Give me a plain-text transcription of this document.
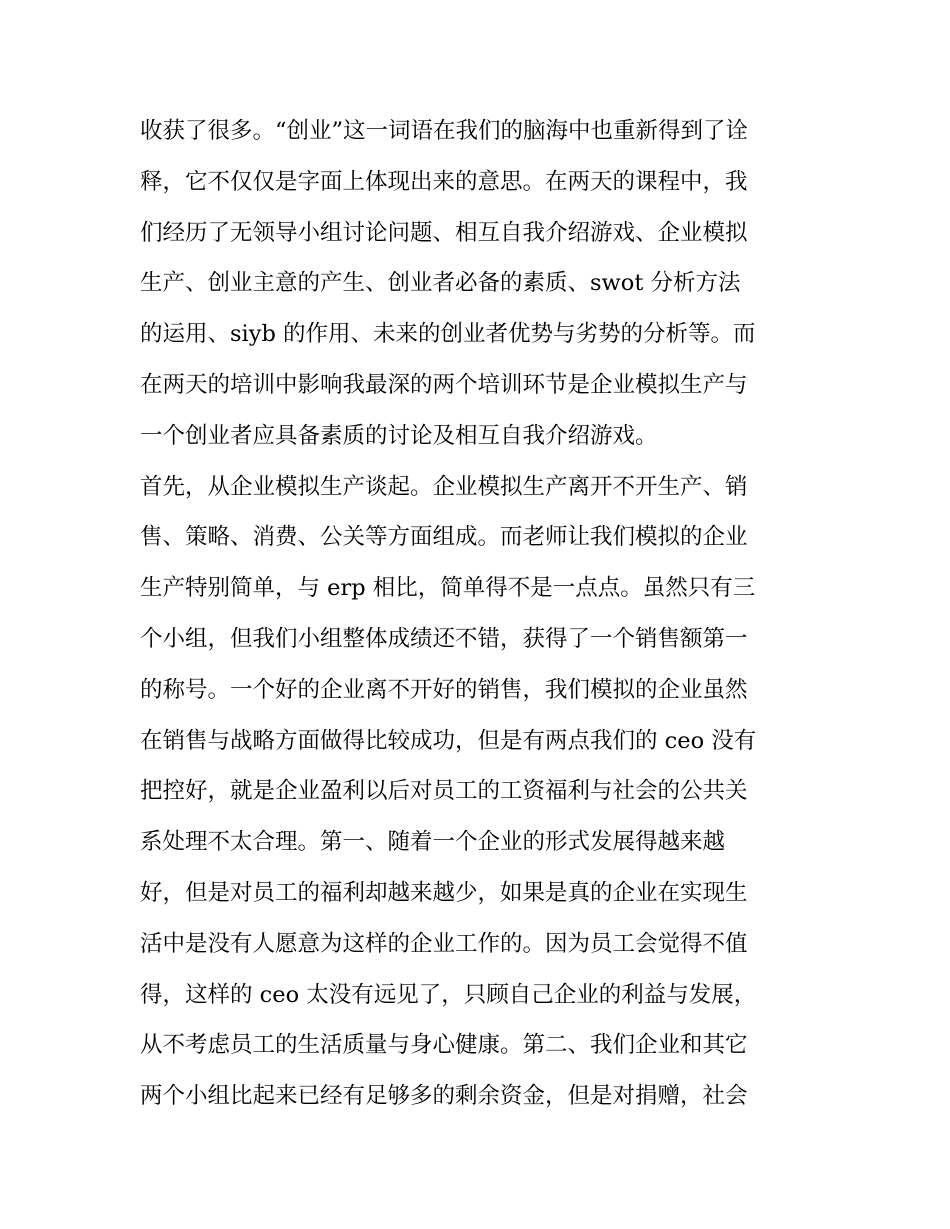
收获了很多。“创业”这一词语在我们的脑海中也重新得到了诠
释，它不仅仅是字面上体现出来的意思。在两天的课程中，我
们经历了无领导小组讨论问题、相互自我介绍游戏、企业模拟
生产、创业主意的产生、创业者必备的素质、swot 分析方法
的运用、siyb 的作用、未来的创业者优势与劣势的分析等。而
在两天的培训中影响我最深的两个培训环节是企业模拟生产与
一个创业者应具备素质的讨论及相互自我介绍游戏。
首先，从企业模拟生产谈起。企业模拟生产离开不开生产、销
售、策略、消费、公关等方面组成。而老师让我们模拟的企业
生产特别简单，与 erp 相比，简单得不是一点点。虽然只有三
个小组，但我们小组整体成绩还不错，获得了一个销售额第一
的称号。一个好的企业离不开好的销售，我们模拟的企业虽然
在销售与战略方面做得比较成功，但是有两点我们的 ceo 没有
把控好，就是企业盈利以后对员工的工资福利与社会的公共关
系处理不太合理。第一、随着一个企业的形式发展得越来越
好，但是对员工的福利却越来越少，如果是真的企业在实现生
活中是没有人愿意为这样的企业工作的。因为员工会觉得不值
得，这样的 ceo 太没有远见了，只顾自己企业的利益与发展，
从不考虑员工的生活质量与身心健康。第二、我们企业和其它
两个小组比起来已经有足够多的剩余资金，但是对捐赠，社会
